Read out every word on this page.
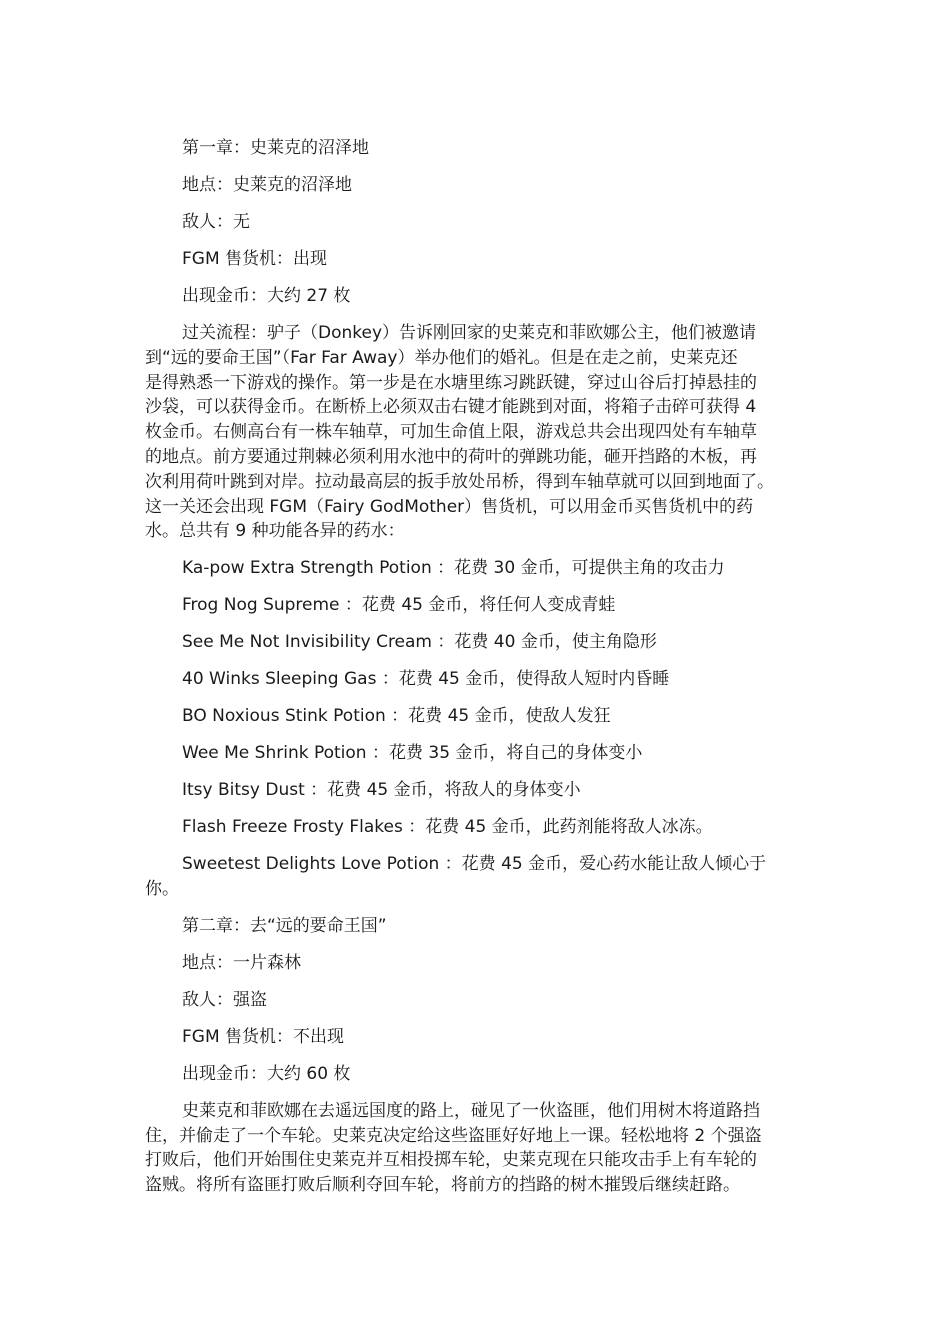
第一章：史莱克的沼泽地

地点：史莱克的沼泽地

敌人：无

FGM 售货机：出现

出现金币：大约 27 枚

过关流程：驴子（Donkey）告诉刚回家的史莱克和菲欧娜公主，他们被邀请
到“远的要命王国”（Far Far Away）举办他们的婚礼。但是在走之前，史莱克还
是得熟悉一下游戏的操作。第一步是在水塘里练习跳跃键，穿过山谷后打掉悬挂的
沙袋，可以获得金币。在断桥上必须双击右键才能跳到对面，将箱子击碎可获得 4
枚金币。右侧高台有一株车轴草，可加生命值上限，游戏总共会出现四处有车轴草
的地点。前方要通过荆棘必须利用水池中的荷叶的弹跳功能，砸开挡路的木板，再
次利用荷叶跳到对岸。拉动最高层的扳手放处吊桥，得到车轴草就可以回到地面了。
这一关还会出现 FGM（Fairy GodMother）售货机，可以用金币买售货机中的药
水。总共有 9 种功能各异的药水：

Ka-pow Extra Strength Potion ：花费 30 金币，可提供主角的攻击力

Frog Nog Supreme ：花费 45 金币，将任何人变成青蛙

See Me Not Invisibility Cream ：花费 40 金币，使主角隐形

40 Winks Sleeping Gas ：花费 45 金币，使得敌人短时内昏睡

BO Noxious Stink Potion ：花费 45 金币，使敌人发狂

Wee Me Shrink Potion ：花费 35 金币，将自己的身体变小

Itsy Bitsy Dust ：花费 45 金币，将敌人的身体变小

Flash Freeze Frosty Flakes ：花费 45 金币，此药剂能将敌人冰冻。

Sweetest Delights Love Potion ：花费 45 金币，爱心药水能让敌人倾心于
你。

第二章：去“远的要命王国”

地点：一片森林

敌人：强盗

FGM 售货机：不出现

出现金币：大约 60 枚

史莱克和菲欧娜在去遥远国度的路上，碰见了一伙盗匪，他们用树木将道路挡
住，并偷走了一个车轮。史莱克决定给这些盗匪好好地上一课。轻松地将 2 个强盗
打败后，他们开始围住史莱克并互相投掷车轮，史莱克现在只能攻击手上有车轮的
盗贼。将所有盗匪打败后顺利夺回车轮，将前方的挡路的树木摧毁后继续赶路。
